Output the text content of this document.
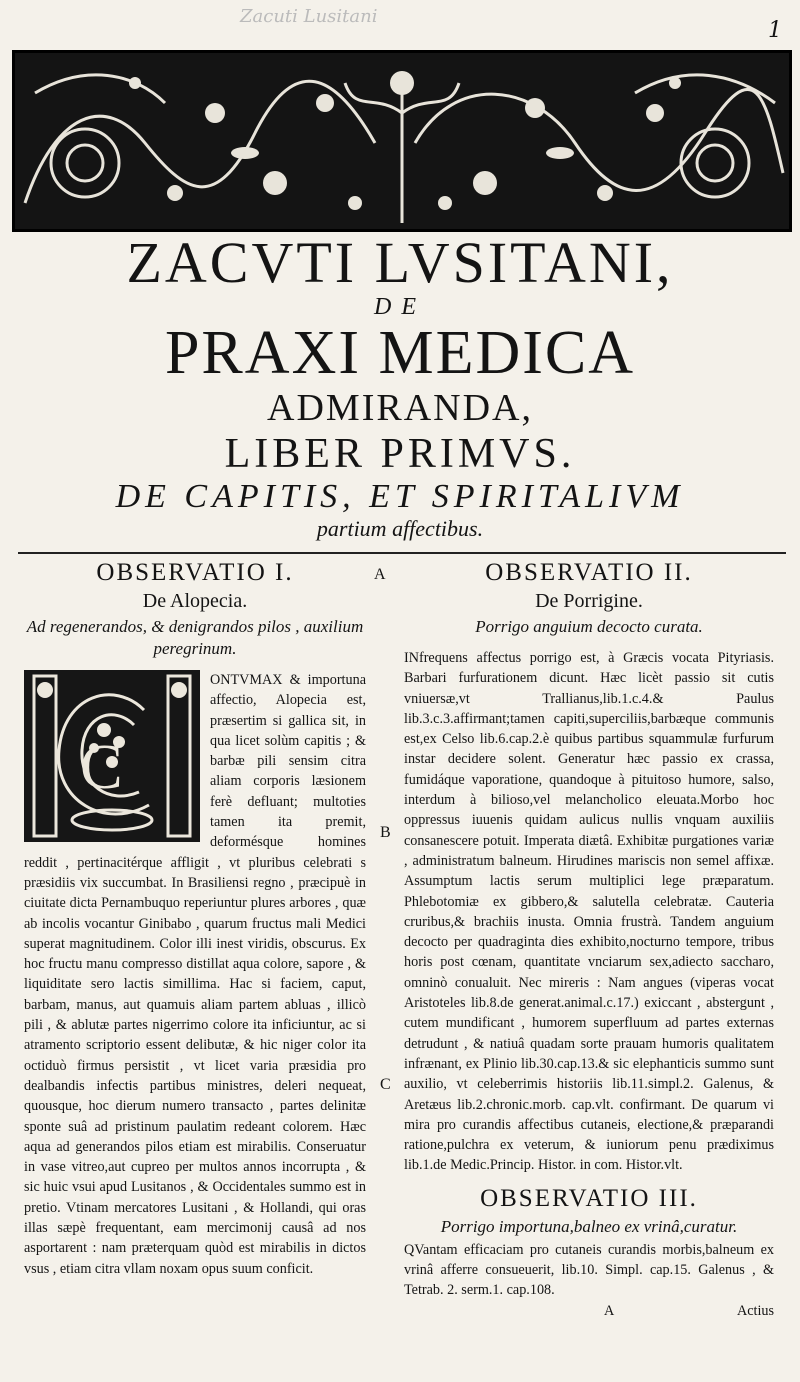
Zacuti Lusitani
1
ZACVTI LVSITANI,
DE
PRAXI MEDICA
ADMIRANDA,
LIBER PRIMVS.
DE CAPITIS, ET SPIRITALIVM
partium affectibus.
A
B
C

OBSERVATIO I.

De Alopecia.

Ad regenerandos, & denigrandos pilos , auxilium peregrinum.

C

ONTVMAX & importuna affectio, Alopecia est, præsertim si gallica sit, in qua licet solùm capitis ; & barbæ pili sensim citra aliam corporis læsionem ferè defluant; multoties tamen ita premit, deformésque homines reddit , pertinacitérque affligit , vt pluribus celebrati s præsidiis vix succumbat. In Brasiliensi regno , præcipuè in ciuitate dicta Pernambuquo reperiuntur plures arbores , quæ ab incolis vocantur Ginibabo , quarum fructus mali Medici superat magnitudinem. Color illi inest viridis, obscurus. Ex hoc fructu manu compresso distillat aqua colore, sapore , & liquiditate sero lactis simillima. Hac si faciem, caput, barbam, manus, aut quamuis aliam partem abluas , illicò pili , & ablutæ partes nigerrimo colore ita inficiuntur, ac si atramento scriptorio essent delibutæ, & hic niger color ita octiduò firmus persistit , vt licet varia præsidia pro dealbandis infectis partibus ministres, deleri nequeat, quousque, hoc dierum numero transacto , partes delinitæ sponte suâ ad pristinum paulatim redeant colorem. Hæc aqua ad generandos pilos etiam est mirabilis. Conseruatur in vase vitreo,aut cupreo per multos annos incorrupta , & sic huic vsui apud Lusitanos , & Occidentales summo est in pretio. Vtinam mercatores Lusitani , & Hollandi, qui oras illas sæpè frequentant, eam mercimonij causâ ad nos asportarent : nam præterquam quòd est mirabilis in dictos vsus , etiam citra vllam noxam opus suum conficit.

OBSERVATIO II.

De Porrigine.

Porrigo anguium decocto curata.

INfrequens affectus porrigo est, à Græcis vocata Pityriasis. Barbari furfurationem dicunt. Hæc licèt passio sit cutis vniuersæ,vt Trallianus,lib.1.c.4.& Paulus lib.3.c.3.affirmant;tamen capiti,superciliis,barbæque communis est,ex Celso lib.6.cap.2.è quibus partibus squammulæ furfurum instar decidere solent. Generatur hæc passio ex crassa, fumidáque vaporatione, quandoque à pituitoso humore, salso, interdum à bilioso,vel melancholico eleuata.Morbo hoc oppressus iuuenis quidam aulicus nullis vnquam auxiliis consanescere potuit. Imperata diætâ. Exhibitæ purgationes variæ , administratum balneum. Hirudines mariscis non semel affixæ. Assumptum lactis serum multiplici lege præparatum. Phlebotomiæ ex gibbero,& salutella celebratæ. Cauteria cruribus,& brachiis inusta. Omnia frustrà. Tandem anguium decocto per quadraginta dies exhibito,nocturno tempore, tribus horis post cœnam, quantitate vnciarum sex,adiecto saccharo, omninò conualuit. Nec mireris : Nam angues (viperas vocat Aristoteles lib.8.de generat.animal.c.17.) exiccant , abstergunt , cutem mundificant , humorem superfluum ad partes externas detrudunt , & natiuâ quadam sorte prauam humoris qualitatem infrænant, ex Plinio lib.30.cap.13.& sic elephanticis summo sunt auxilio, vt celeberrimis historiis lib.11.simpl.2. Galenus, & Aretæus lib.2.chronic.morb. cap.vlt. confirmant. De quarum vi mira pro curandis affectibus cutaneis, electione,& præparandi ratione,pulchra ex veterum, & iuniorum penu prædiximus lib.1.de Medic.Princip. Histor. in com. Histor.vlt.

OBSERVATIO III.

Porrigo importuna,balneo ex vrinâ,curatur.

QVantam efficaciam pro cutaneis curandis morbis,balneum ex vrinâ afferre consueuerit, lib.10. Simpl. cap.15. Galenus , & Tetrab. 2. serm.1. cap.108.

A	Actius
